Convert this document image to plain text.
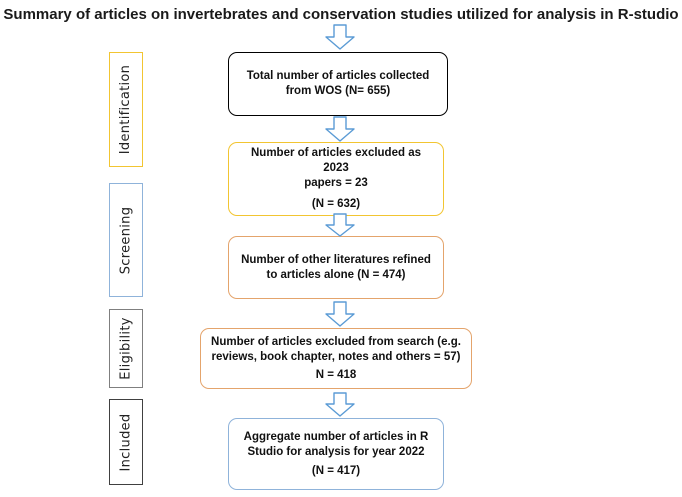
Summary of articles on invertebrates and conservation studies utilized for analysis in R-studio
Identification
Screening
Eligibility
Included
Total number of articles collected
from WOS (N= 655)
Number of articles excluded as 2023
papers = 23
(N = 632)
Number of other literatures refined
to articles alone (N = 474)
Number of articles excluded from search (e.g.
reviews, book chapter, notes and others = 57)
N = 418
Aggregate number of articles in R
Studio for analysis for year 2022
(N = 417)
